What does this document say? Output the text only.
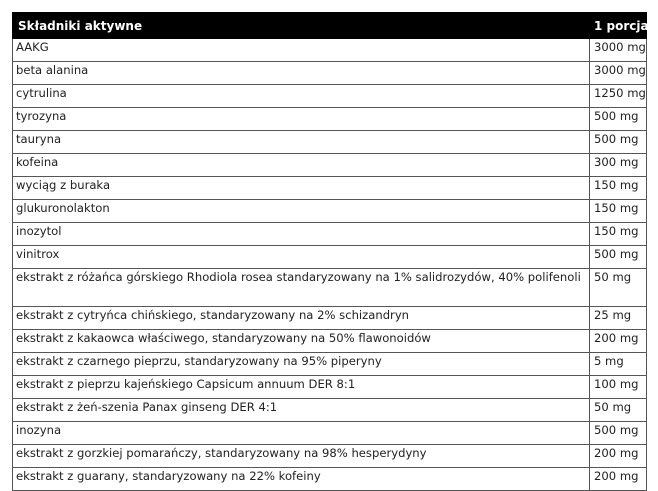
Składniki aktywne	1 porcja
AAKG	3000 mg
beta alanina	3000 mg
cytrulina	1250 mg
tyrozyna	500 mg
tauryna	500 mg
kofeina	300 mg
wyciąg z buraka	150 mg
glukuronolakton	150 mg
inozytol	150 mg
vinitrox	500 mg
ekstrakt z różańca górskiego Rhodiola rosea standaryzowany na 1% salidrozydów, 40% polifenoli	50 mg
ekstrakt z cytryńca chińskiego, standaryzowany na 2% schizandryn	25 mg
ekstrakt z kakaowca właściwego, standaryzowany na 50% flawonoidów	200 mg
ekstrakt z czarnego pieprzu, standaryzowany na 95% piperyny	5 mg
ekstrakt z pieprzu kajeńskiego Capsicum annuum DER 8:1	100 mg
ekstrakt z żeń-szenia Panax ginseng DER 4:1	50 mg
inozyna	500 mg
ekstrakt z gorzkiej pomarańczy, standaryzowany na 98% hesperydyny	200 mg
ekstrakt z guarany, standaryzowany na 22% kofeiny	200 mg
